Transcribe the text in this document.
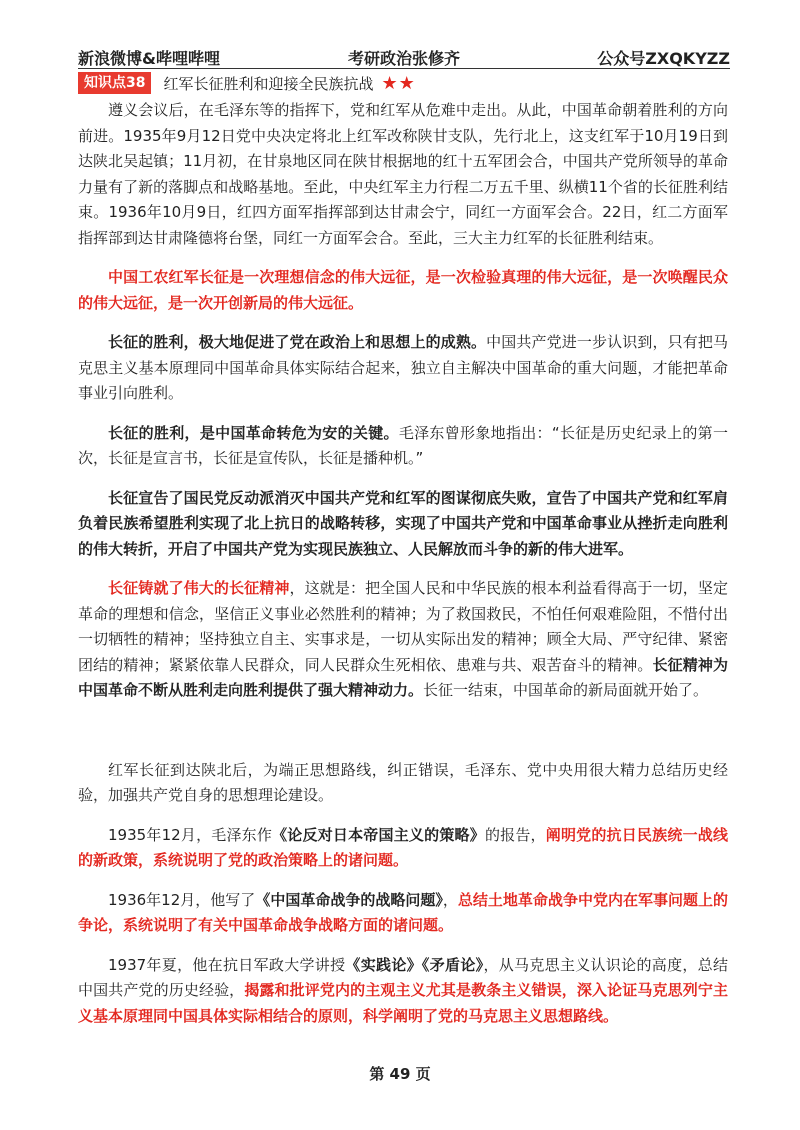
新浪微博&哔哩哔哩	考研政治张修齐	公众号ZXQKYZZ
知识点38	红军长征胜利和迎接全民族抗战 ★★

遵义会议后，在毛泽东等的指挥下，党和红军从危难中走出。从此，中国革命朝着胜利的方向前进。1935年9月12日党中央决定将北上红军改称陕甘支队，先行北上，这支红军于10月19日到达陕北吴起镇；11月初，在甘泉地区同在陕甘根据地的红十五军团会合，中国共产党所领导的革命力量有了新的落脚点和战略基地。至此，中央红军主力行程二万五千里、纵横11个省的长征胜利结束。1936年10月9日，红四方面军指挥部到达甘肃会宁，同红一方面军会合。22日，红二方面军指挥部到达甘肃隆德将台堡，同红一方面军会合。至此，三大主力红军的长征胜利结束。

中国工农红军长征是一次理想信念的伟大远征，是一次检验真理的伟大远征，是一次唤醒民众的伟大远征，是一次开创新局的伟大远征。

长征的胜利，极大地促进了党在政治上和思想上的成熟。中国共产党进一步认识到，只有把马克思主义基本原理同中国革命具体实际结合起来，独立自主解决中国革命的重大问题，才能把革命事业引向胜利。

长征的胜利，是中国革命转危为安的关键。毛泽东曾形象地指出：“长征是历史纪录上的第一次，长征是宣言书，长征是宣传队，长征是播种机。”

长征宣告了国民党反动派消灭中国共产党和红军的图谋彻底失败，宣告了中国共产党和红军肩负着民族希望胜利实现了北上抗日的战略转移，实现了中国共产党和中国革命事业从挫折走向胜利的伟大转折，开启了中国共产党为实现民族独立、人民解放而斗争的新的伟大进军。

长征铸就了伟大的长征精神，这就是：把全国人民和中华民族的根本利益看得高于一切，坚定革命的理想和信念，坚信正义事业必然胜利的精神；为了救国救民，不怕任何艰难险阻，不惜付出一切牺牲的精神；坚持独立自主、实事求是，一切从实际出发的精神；顾全大局、严守纪律、紧密团结的精神；紧紧依靠人民群众，同人民群众生死相依、患难与共、艰苦奋斗的精神。长征精神为中国革命不断从胜利走向胜利提供了强大精神动力。长征一结束，中国革命的新局面就开始了。

红军长征到达陕北后，为端正思想路线，纠正错误，毛泽东、党中央用很大精力总结历史经验，加强共产党自身的思想理论建设。

1935年12月，毛泽东作《论反对日本帝国主义的策略》的报告，阐明党的抗日民族统一战线的新政策，系统说明了党的政治策略上的诸问题。

1936年12月，他写了《中国革命战争的战略问题》，总结土地革命战争中党内在军事问题上的争论，系统说明了有关中国革命战争战略方面的诸问题。

1937年夏，他在抗日军政大学讲授《实践论》《矛盾论》，从马克思主义认识论的高度，总结中国共产党的历史经验，揭露和批评党内的主观主义尤其是教条主义错误，深入论证马克思列宁主义基本原理同中国具体实际相结合的原则，科学阐明了党的马克思主义思想路线。

第 49 页
